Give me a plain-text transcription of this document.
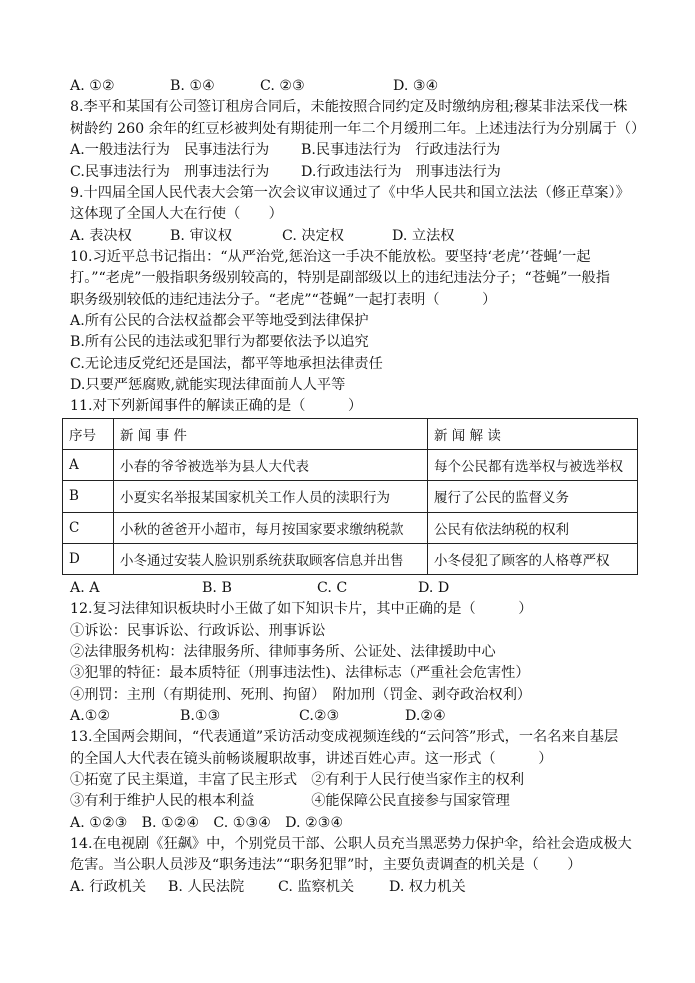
A. ①②	B. ①④	C. ②③	D. ③④
8.李平和某国有公司签订租房合同后，未能按照合同约定及时缴纳房租;穆某非法采伐一株
树龄约 260 余年的红豆杉被判处有期徒刑一年二个月缓刑二年。上述违法行为分别属于（）
A.一般违法行为　民事违法行为 B.民事违法行为　行政违法行为
C.民事违法行为　刑事违法行为 D.行政违法行为　刑事违法行为
9.十四届全国人民代表大会第一次会议审议通过了《中华人民共和国立法法（修正草案）》
这体现了全国人大在行使（　　）
A. 表决权	B. 审议权	C. 决定权	D. 立法权
10.习近平总书记指出：“从严治党,惩治这一手决不能放松。要坚持‘老虎’‘苍蝇’一起
打。”“老虎”一般指职务级别较高的，特别是副部级以上的违纪违法分子；“苍蝇”一般指
职务级别较低的违纪违法分子。“老虎”“苍蝇”一起打表明（　　　）
A.所有公民的合法权益都会平等地受到法律保护
B.所有公民的违法或犯罪行为都要依法予以追究
C.无论违反党纪还是国法，都平等地承担法律责任
D.只要严惩腐败,就能实现法律面前人人平等
11.对下列新闻事件的解读正确的是（　　　）
序号	新 闻 事 件	新 闻 解 读
A	小春的爷爷被选举为县人大代表	每个公民都有选举权与被选举权
B	小夏实名举报某国家机关工作人员的渎职行为	履行了公民的监督义务
C	小秋的爸爸开小超市，每月按国家要求缴纳税款	公民有依法纳税的权利
D	小冬通过安装人脸识别系统获取顾客信息并出售	小冬侵犯了顾客的人格尊严权
A. A	B. B	C. C	D. D
12.复习法律知识板块时小王做了如下知识卡片，其中正确的是（　　　）
①诉讼：民事诉讼、行政诉讼、刑事诉讼
②法律服务机构：法律服务所、律师事务所、公证处、法律援助中心
③犯罪的特征：最本质特征（刑事违法性)、法律标志（严重社会危害性）
④刑罚：主刑（有期徒刑、死刑、拘留）　附加刑（罚金、剥夺政治权利）
A.①②	B.①③	C.②③	D.②④
13.全国两会期间，“代表通道”采访活动变成视频连线的“云问答”形式，一名名来自基层
的全国人大代表在镜头前畅谈履职故事，讲述百姓心声。这一形式（　　　）
①拓宽了民主渠道，丰富了民主形式　②有利于人民行使当家作主的权利
③有利于维护人民的根本利益　　　　④能保障公民直接参与国家管理
A. ①②③　B. ①②④　C. ①③④　D. ②③④
14.在电视剧《狂飙》中，个别党员干部、公职人员充当黑恶势力保护伞，给社会造成极大
危害。当公职人员涉及“职务违法”“职务犯罪”时，主要负责调查的机关是（　　）
A. 行政机关 B. 人民法院 C. 监察机关 D. 权力机关
